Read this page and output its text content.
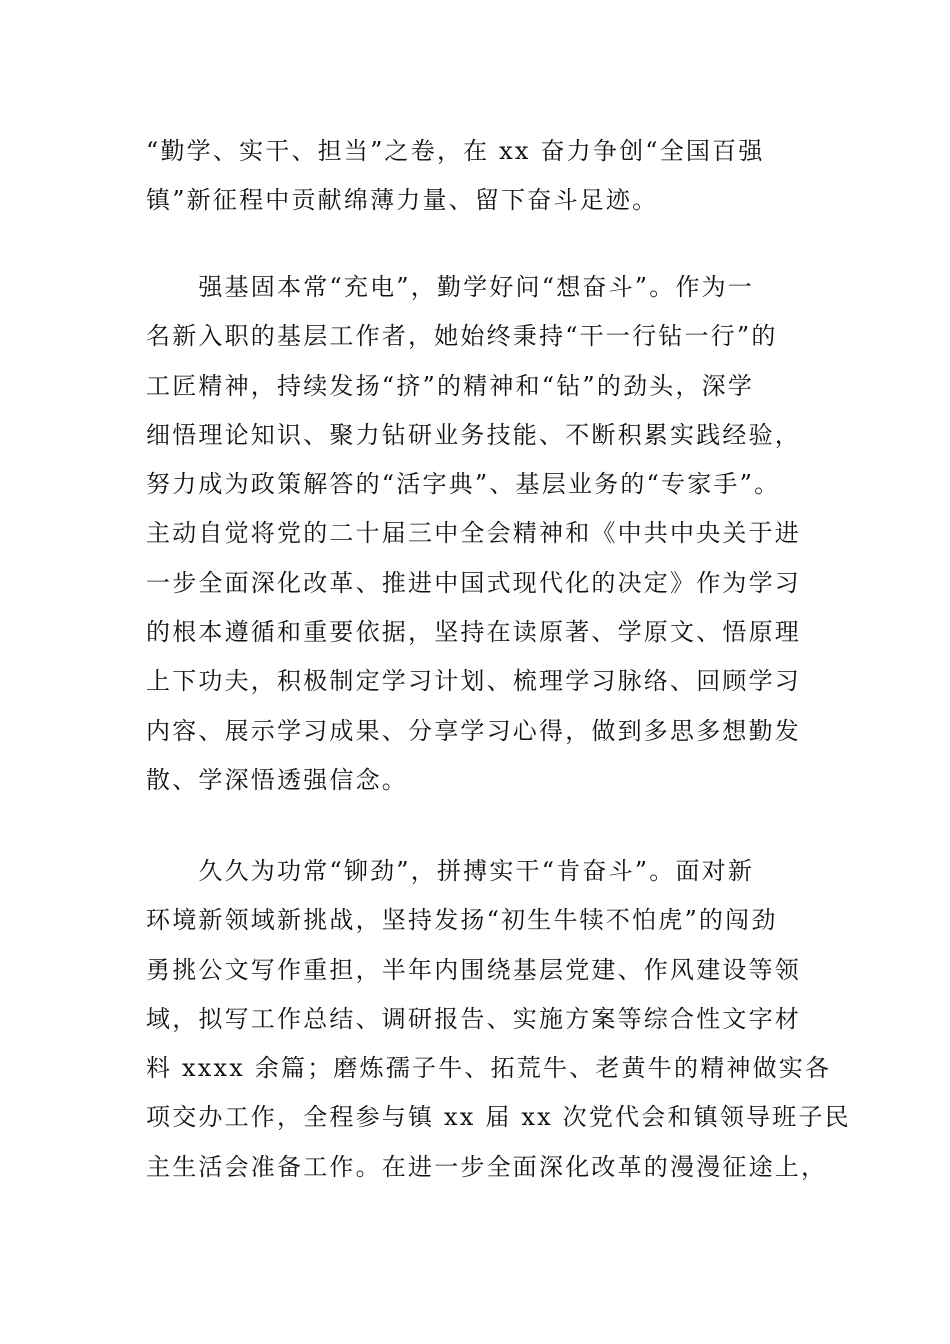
“勤学、实干、担当”之卷，在 xx 奋力争创“全国百强
镇”新征程中贡献绵薄力量、留下奋斗足迹。
　　强基固本常“充电”，勤学好问“想奋斗”。作为一
名新入职的基层工作者，她始终秉持“干一行钻一行”的
工匠精神，持续发扬“挤”的精神和“钻”的劲头，深学
细悟理论知识、聚力钻研业务技能、不断积累实践经验，
努力成为政策解答的“活字典”、基层业务的“专家手”。
主动自觉将党的二十届三中全会精神和《中共中央关于进
一步全面深化改革、推进中国式现代化的决定》作为学习
的根本遵循和重要依据，坚持在读原著、学原文、悟原理
上下功夫，积极制定学习计划、梳理学习脉络、回顾学习
内容、展示学习成果、分享学习心得，做到多思多想勤发
散、学深悟透强信念。
　　久久为功常“铆劲”，拼搏实干“肯奋斗”。面对新
环境新领域新挑战，坚持发扬“初生牛犊不怕虎”的闯劲
勇挑公文写作重担，半年内围绕基层党建、作风建设等领
域，拟写工作总结、调研报告、实施方案等综合性文字材
料 xxxx 余篇；磨炼孺子牛、拓荒牛、老黄牛的精神做实各
项交办工作，全程参与镇 xx 届 xx 次党代会和镇领导班子民
主生活会准备工作。在进一步全面深化改革的漫漫征途上，
